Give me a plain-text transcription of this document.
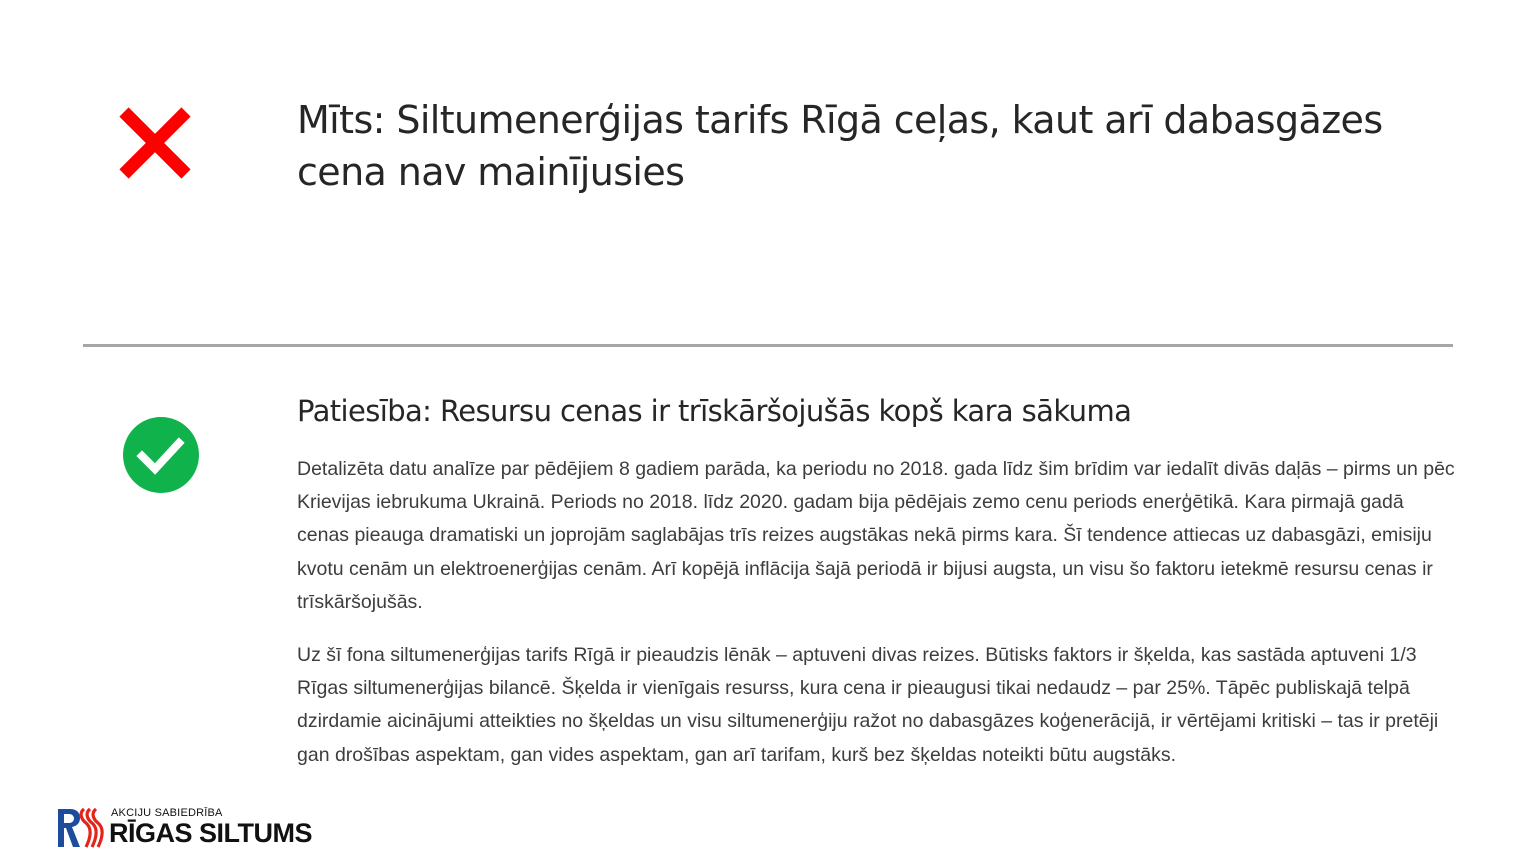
Mīts: Siltumenerģijas tarifs Rīgā ceļas, kaut arī dabasgāzes cena nav mainījusies
Patiesība: Resursu cenas ir trīskāršojušās kopš kara sākuma

Detalizēta datu analīze par pēdējiem 8 gadiem parāda, ka periodu no 2018. gada līdz šim brīdim var iedalīt divās daļās – pirms un pēc Krievijas iebrukuma Ukrainā. Periods no 2018. līdz 2020. gadam bija pēdējais zemo cenu periods enerģētikā. Kara pirmajā gadā cenas pieauga dramatiski un joprojām saglabājas trīs reizes augstākas nekā pirms kara. Šī tendence attiecas uz dabasgāzi, emisiju kvotu cenām un elektroenerģijas cenām. Arī kopējā inflācija šajā periodā ir bijusi augsta, un visu šo faktoru ietekmē resursu cenas ir trīskāršojušās.

Uz šī fona siltumenerģijas tarifs Rīgā ir pieaudzis lēnāk – aptuveni divas reizes. Būtisks faktors ir šķelda, kas sastāda aptuveni 1/3 Rīgas siltumenerģijas bilancē. Šķelda ir vienīgais resurss, kura cena ir pieaugusi tikai nedaudz – par 25%. Tāpēc publiskajā telpā dzirdamie aicinājumi atteikties no šķeldas un visu siltumenerģiju ražot no dabasgāzes koģenerācijā, ir vērtējami kritiski – tas ir pretēji gan drošības aspektam, gan vides aspektam, gan arī tarifam, kurš bez šķeldas noteikti būtu augstāks.

AKCIJU SABIEDRĪBA
RĪGAS SILTUMS
